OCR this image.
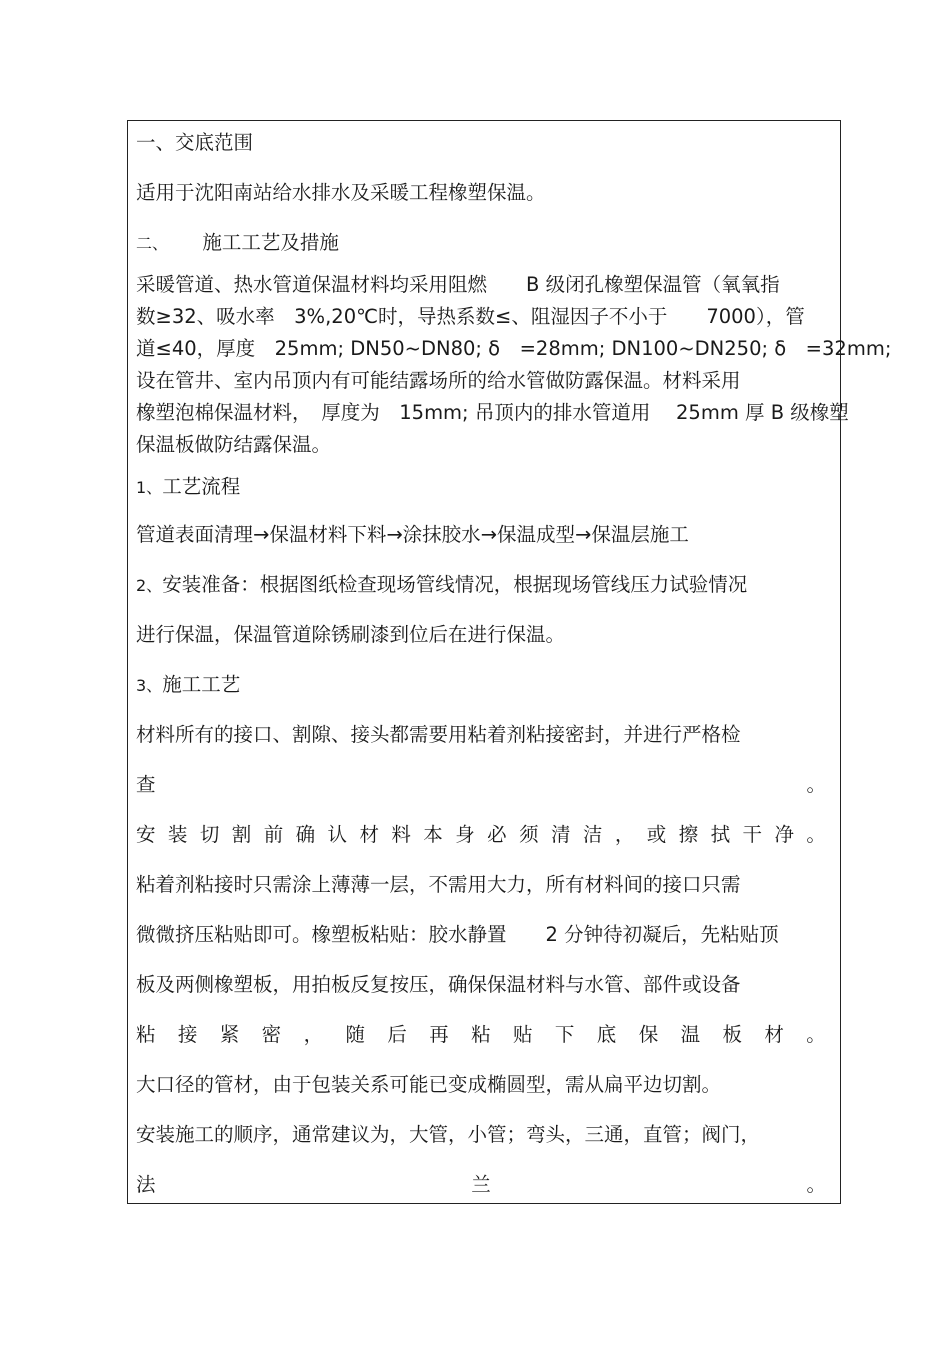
一、交底范围
适用于沈阳南站给水排水及采暖工程橡塑保温。
二、 施工工艺及措施
采暖管道、热水管道保温材料均采用阻燃　　B 级闭孔橡塑保温管（氧氧指
数≥32、吸水率　3%,20℃时，导热系数≤、阻湿因子不小于　　7000），管
道≤40，厚度　25mm; DN50~DN80; δ　=28mm; DN100~DN250; δ　=32mm;
设在管井、室内吊顶内有可能结露场所的给水管做防露保温。材料采用
橡塑泡棉保温材料，　厚度为　15mm; 吊顶内的排水管道用　 25mm 厚 B 级橡塑
保温板做防结露保温。
1、工艺流程
管道表面清理→保温材料下料→涂抹胶水→保温成型→保温层施工
2、安装准备：根据图纸检查现场管线情况，根据现场管线压力试验情况
进行保温，保温管道除锈刷漆到位后在进行保温。
3、施工工艺
材料所有的接口、割隙、接头都需要用粘着剂粘接密封，并进行严格检
查	。
安 装 切 割 前 确 认 材 料 本 身 必 须 清 洁 ， 或 擦 拭 干 净 。
粘着剂粘接时只需涂上薄薄一层，不需用大力，所有材料间的接口只需
微微挤压粘贴即可。橡塑板粘贴：胶水静置　　2 分钟待初凝后，先粘贴顶
板及两侧橡塑板，用拍板反复按压，确保保温材料与水管、部件或设备
粘 接 紧 密 ， 随 后 再 粘 贴 下 底 保 温 板 材 。
大口径的管材，由于包装关系可能已变成椭圆型，需从扁平边切割。
安装施工的顺序，通常建议为，大管，小管；弯头，三通，直管；阀门，
法	兰	。
